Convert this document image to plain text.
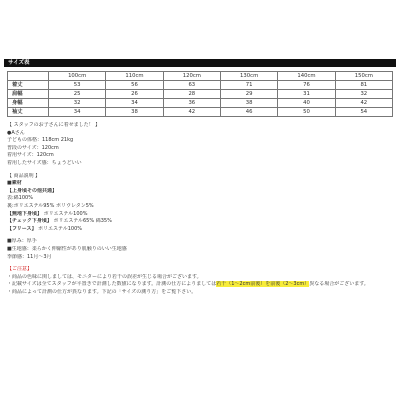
サイズ表
	100cm	110cm	120cm	130cm	140cm	150cm
着丈	53	56	63	71	76	81
肩幅	25	26	28	29	31	32
身幅	32	34	36	38	40	42
袖丈	34	38	42	46	50	54
【 スタッフのお子さんに着せました！ 】
●Aさん
子どもの体格：118cm 21kg
普段のサイズ：120cm
着用サイズ：120cm
着用したサイズ感：ちょうどいい
【 商品説明 】
■素材
【上身頃その他共通】
表:綿100%
裏:ポリエステル95% ポリウレタン5%
【無地下身頃】 ポリエステル100%
【チェック下身頃】 ポリエステル65% 綿35%
【フリース】 ポリエステル100%
■厚み：厚手
■生地感：柔らかく伸縮性があり肌触りのいい生地感
季節感：11月～3月
【ご注意】
・商品の色味に関しましては、モニターにより若干の誤差が生じる場合がございます。
・記載サイズは全てスタッフが平置きで計測した数値になります。計測の仕方によりましては若干（1〜2cm前後）を前後（2〜3cm）異なる場合がございます。
・商品によって計測の仕方が異なります。下記の「サイズの測り方」をご覧下さい。
